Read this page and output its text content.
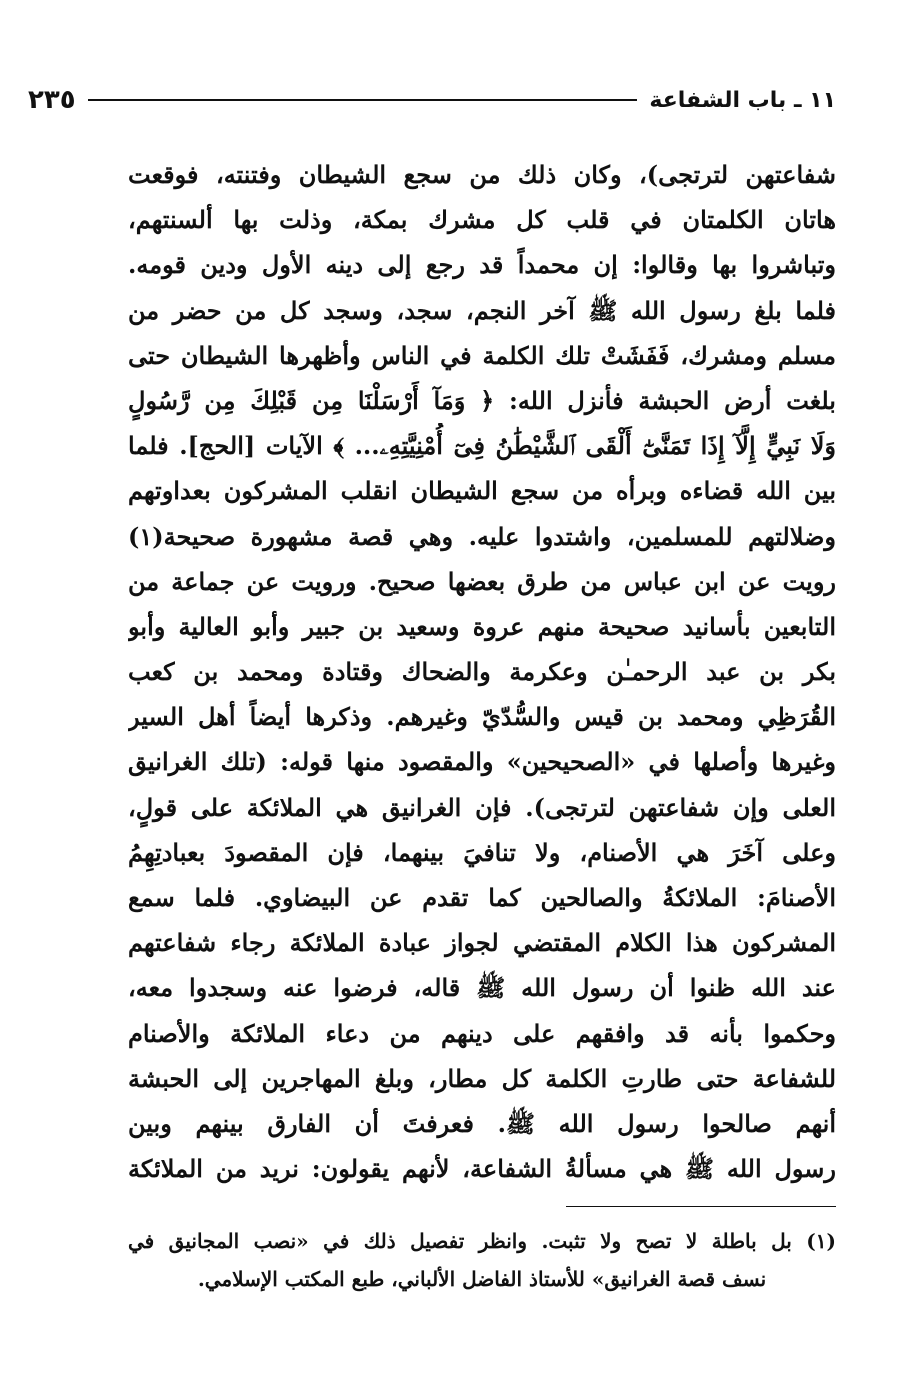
١١ ـ باب الشفاعة
٢٣٥
شفاعتهن لترتجى)، وكان ذلك من سجع الشيطان وفتنته، فوقعت
هاتان الكلمتان في قلب كل مشرك بمكة، وذلت بها ألسنتهم،
وتباشروا بها وقالوا: إن محمداً قد رجع إلى دينه الأول ودين قومه.
فلما بلغ رسول الله ﷺ آخر النجم، سجد، وسجد كل من حضر من
مسلم ومشرك، فَفَشَتْ تلك الكلمة في الناس وأظهرها الشيطان حتى
بلغت أرض الحبشة فأنزل الله: ﴿ وَمَآ أَرْسَلْنَا مِن قَبْلِكَ مِن رَّسُولٍ
وَلَا نَبِيٍّ إِلَّآ إِذَا تَمَنَّىٰٓ أَلْقَى ٱلشَّيْطَٰنُ فِىٓ أُمْنِيَّتِهِۦ... ﴾ الآيات [الحج]. فلما
بين الله قضاءه وبرأه من سجع الشيطان انقلب المشركون بعداوتهم
وضلالتهم للمسلمين، واشتدوا عليه. وهي قصة مشهورة صحيحة(١)
رويت عن ابن عباس من طرق بعضها صحيح. ورويت عن جماعة من
التابعين بأسانيد صحيحة منهم عروة وسعيد بن جبير وأبو العالية وأبو
بكر بن عبد الرحمـٰن وعكرمة والضحاك وقتادة ومحمد بن كعب
القُرَظِي ومحمد بن قيس والسُّدّيّ وغيرهم. وذكرها أيضاً أهل السير
وغيرها وأصلها في «الصحيحين» والمقصود منها قوله: (تلك الغرانيق
العلى وإن شفاعتهن لترتجى). فإن الغرانيق هي الملائكة على قولٍ،
وعلى آخَرَ هي الأصنام، ولا تنافيَ بينهما، فإن المقصودَ بعبادتِهِمُ
الأصنامَ: الملائكةُ والصالحين كما تقدم عن البيضاوي. فلما سمع
المشركون هذا الكلام المقتضي لجواز عبادة الملائكة رجاء شفاعتهم
عند الله ظنوا أن رسول الله ﷺ قاله، فرضوا عنه وسجدوا معه،
وحكموا بأنه قد وافقهم على دينهم من دعاء الملائكة والأصنام
للشفاعة حتى طارتِ الكلمة كل مطار، وبلغ المهاجرين إلى الحبشة
أنهم صالحوا رسول الله ﷺ. فعرفتَ أن الفارق بينهم وبين
رسول الله ﷺ هي مسألةُ الشفاعة، لأنهم يقولون: نريد من الملائكة
(١) بل باطلة لا تصح ولا تثبت. وانظر تفصيل ذلك في «نصب المجانيق في
نسف قصة الغرانيق» للأستاذ الفاضل الألباني، طبع المكتب الإسلامي.
